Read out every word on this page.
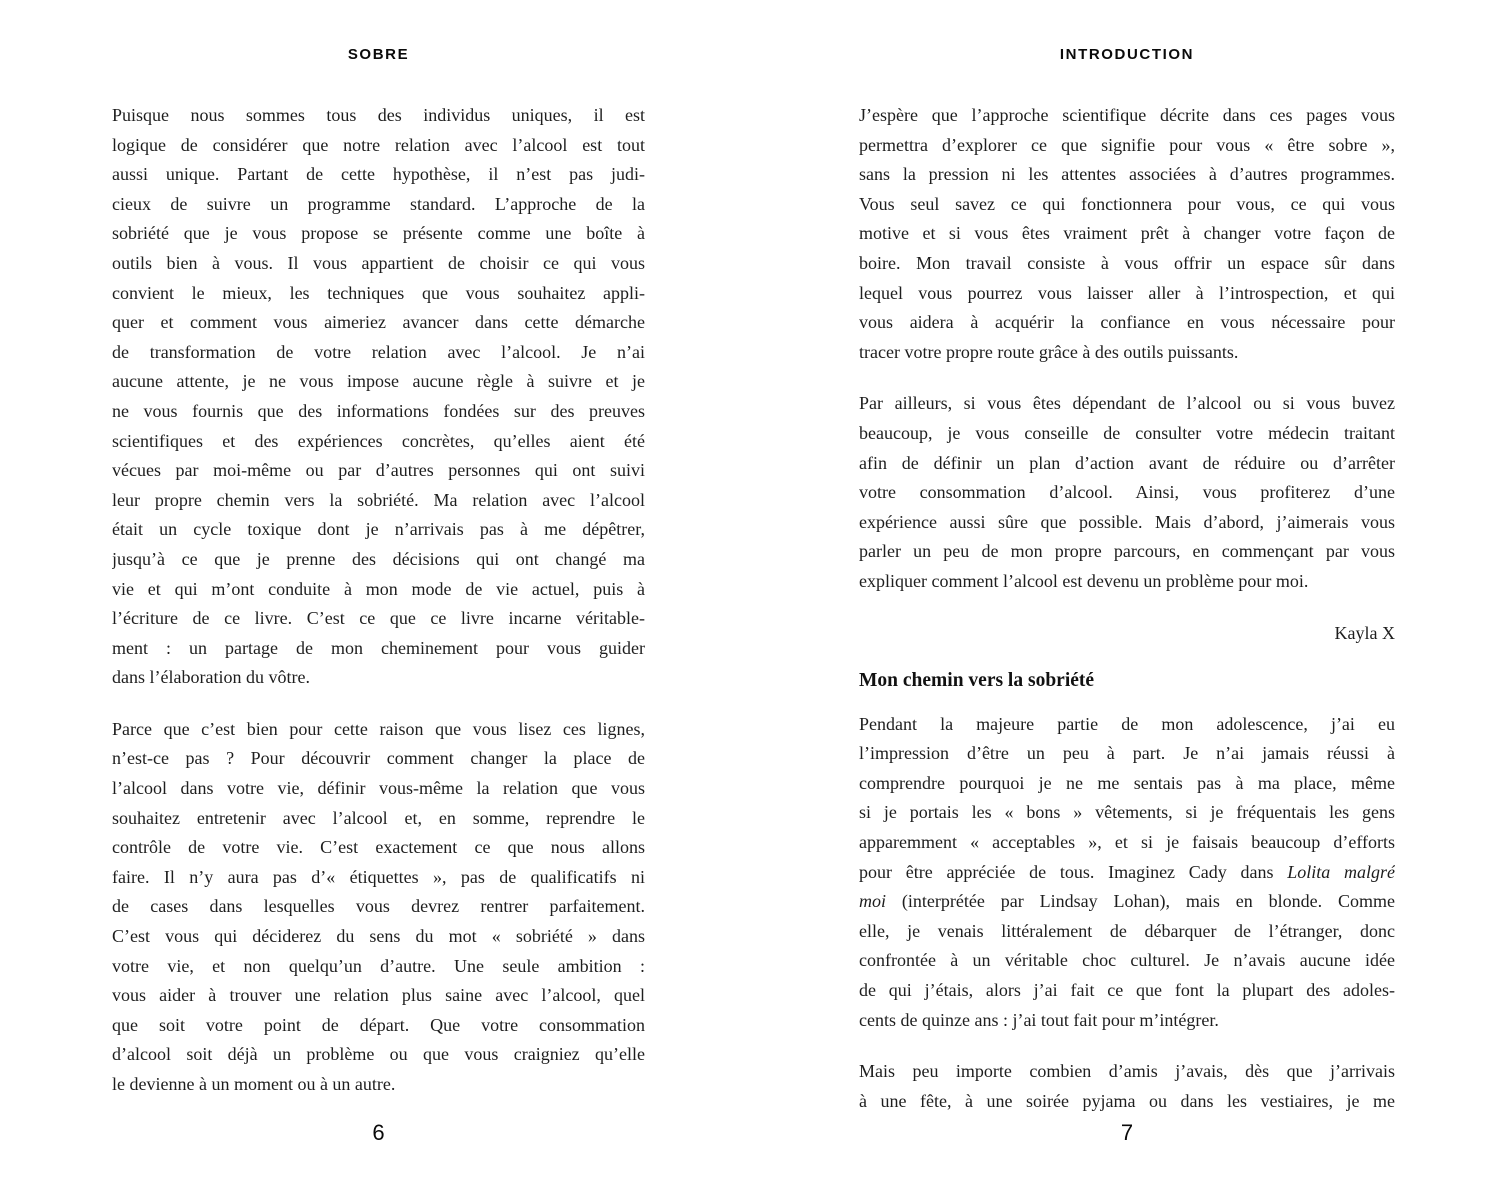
SOBRE
Puisque nous sommes tous des individus uniques, il est
logique de considérer que notre relation avec l’alcool est tout
aussi unique. Partant de cette hypothèse, il n’est pas judi-
cieux de suivre un programme standard. L’approche de la
sobriété que je vous propose se présente comme une boîte à
outils bien à vous. Il vous appartient de choisir ce qui vous
convient le mieux, les techniques que vous souhaitez appli-
quer et comment vous aimeriez avancer dans cette démarche
de transformation de votre relation avec l’alcool. Je n’ai
aucune attente, je ne vous impose aucune règle à suivre et je
ne vous fournis que des informations fondées sur des preuves
scientifiques et des expériences concrètes, qu’elles aient été
vécues par moi-même ou par d’autres personnes qui ont suivi
leur propre chemin vers la sobriété. Ma relation avec l’alcool
était un cycle toxique dont je n’arrivais pas à me dépêtrer,
jusqu’à ce que je prenne des décisions qui ont changé ma
vie et qui m’ont conduite à mon mode de vie actuel, puis à
l’écriture de ce livre. C’est ce que ce livre incarne véritable-
ment : un partage de mon cheminement pour vous guider
dans l’élaboration du vôtre.
Parce que c’est bien pour cette raison que vous lisez ces lignes,
n’est-ce pas ? Pour découvrir comment changer la place de
l’alcool dans votre vie, définir vous-même la relation que vous
souhaitez entretenir avec l’alcool et, en somme, reprendre le
contrôle de votre vie. C’est exactement ce que nous allons
faire. Il n’y aura pas d’« étiquettes », pas de qualificatifs ni
de cases dans lesquelles vous devrez rentrer parfaitement.
C’est vous qui déciderez du sens du mot « sobriété » dans
votre vie, et non quelqu’un d’autre. Une seule ambition :
vous aider à trouver une relation plus saine avec l’alcool, quel
que soit votre point de départ. Que votre consommation
d’alcool soit déjà un problème ou que vous craigniez qu’elle
le devienne à un moment ou à un autre.
6
INTRODUCTION
J’espère que l’approche scientifique décrite dans ces pages vous
permettra d’explorer ce que signifie pour vous « être sobre »,
sans la pression ni les attentes associées à d’autres programmes.
Vous seul savez ce qui fonctionnera pour vous, ce qui vous
motive et si vous êtes vraiment prêt à changer votre façon de
boire. Mon travail consiste à vous offrir un espace sûr dans
lequel vous pourrez vous laisser aller à l’introspection, et qui
vous aidera à acquérir la confiance en vous nécessaire pour
tracer votre propre route grâce à des outils puissants.
Par ailleurs, si vous êtes dépendant de l’alcool ou si vous buvez
beaucoup, je vous conseille de consulter votre médecin traitant
afin de définir un plan d’action avant de réduire ou d’arrêter
votre consommation d’alcool. Ainsi, vous profiterez d’une
expérience aussi sûre que possible. Mais d’abord, j’aimerais vous
parler un peu de mon propre parcours, en commençant par vous
expliquer comment l’alcool est devenu un problème pour moi.
Kayla X
Mon chemin vers la sobriété
Pendant la majeure partie de mon adolescence, j’ai eu
l’impression d’être un peu à part. Je n’ai jamais réussi à
comprendre pourquoi je ne me sentais pas à ma place, même
si je portais les « bons » vêtements, si je fréquentais les gens
apparemment « acceptables », et si je faisais beaucoup d’efforts
pour être appréciée de tous. Imaginez Cady dans Lolita malgré
moi (interprétée par Lindsay Lohan), mais en blonde. Comme
elle, je venais littéralement de débarquer de l’étranger, donc
confrontée à un véritable choc culturel. Je n’avais aucune idée
de qui j’étais, alors j’ai fait ce que font la plupart des adoles-
cents de quinze ans : j’ai tout fait pour m’intégrer.
Mais peu importe combien d’amis j’avais, dès que j’arrivais
à une fête, à une soirée pyjama ou dans les vestiaires, je me
7
